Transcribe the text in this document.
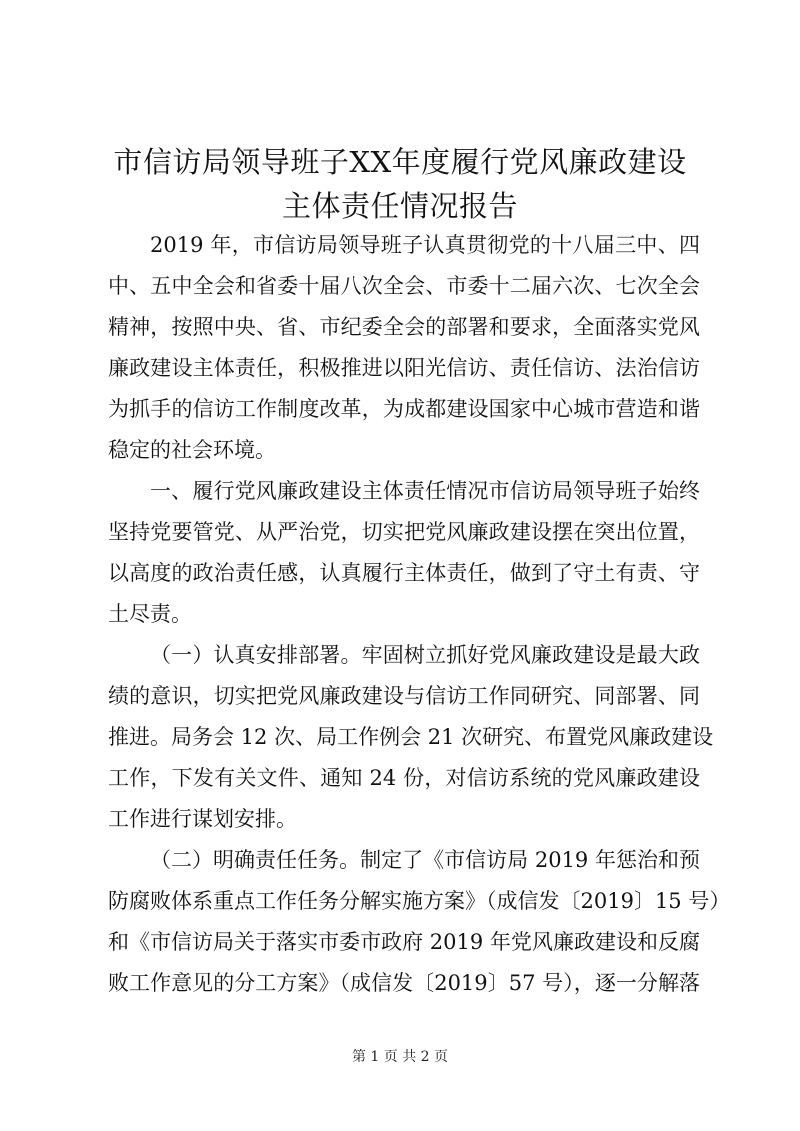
市信访局领导班子XX年度履行党风廉政建设
主体责任情况报告

2019 年，市信访局领导班子认真贯彻党的十八届三中、四
中、五中全会和省委十届八次全会、市委十二届六次、七次全会
精神，按照中央、省、市纪委全会的部署和要求，全面落实党风
廉政建设主体责任，积极推进以阳光信访、责任信访、法治信访
为抓手的信访工作制度改革，为成都建设国家中心城市营造和谐
稳定的社会环境。

一、履行党风廉政建设主体责任情况市信访局领导班子始终
坚持党要管党、从严治党，切实把党风廉政建设摆在突出位置，
以高度的政治责任感，认真履行主体责任，做到了守土有责、守
土尽责。

（一）认真安排部署。牢固树立抓好党风廉政建设是最大政
绩的意识，切实把党风廉政建设与信访工作同研究、同部署、同
推进。局务会 12 次、局工作例会 21 次研究、布置党风廉政建设
工作，下发有关文件、通知 24 份，对信访系统的党风廉政建设
工作进行谋划安排。

（二）明确责任任务。制定了《市信访局 2019 年惩治和预
防腐败体系重点工作任务分解实施方案》（成信发〔2019〕15 号）
和《市信访局关于落实市委市政府 2019 年党风廉政建设和反腐
败工作意见的分工方案》（成信发〔2019〕57 号），逐一分解落

第 1 页 共 2 页
